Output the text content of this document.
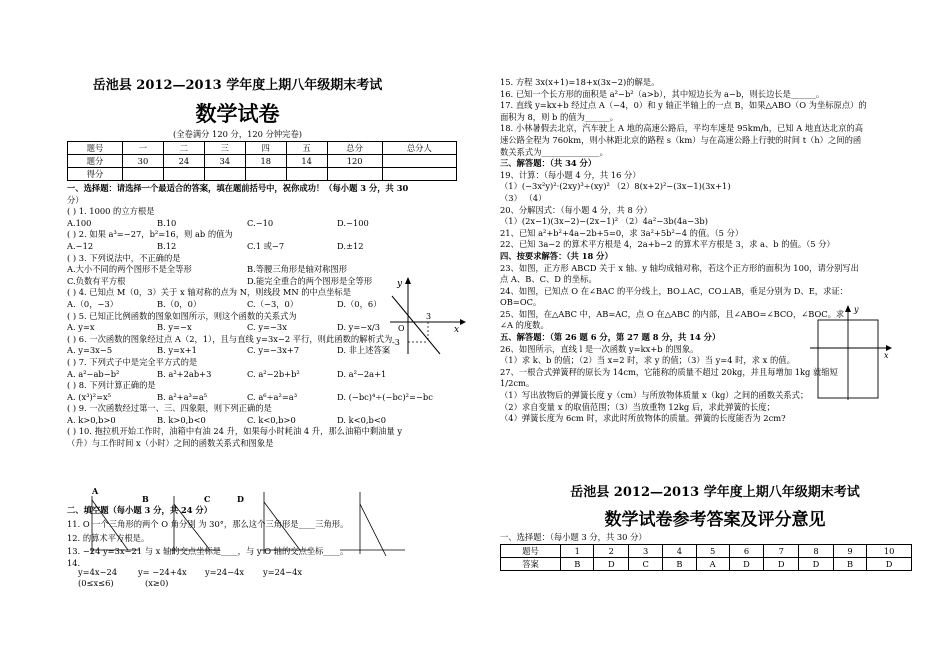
岳池县 2012—2013 学年度上期八年级期末考试
数学试卷
(全卷满分 120 分，120 分钟完卷)
题号	一	二	三	四	五	总分	总分人
题分	30	24	34	18	14	120	
得分							
一、选择题：请选择一个最适合的答案，填在题前括号中，祝你成功！（每小题 3 分，共 30
分）
( ) 1. 1000 的立方根是
A.100	B.10	C.−10	D.−100
( ) 2. 如果 a³=−27，b²=16，则 ab 的值为
A.−12	B.12	C.1 或−7	D.±12
( ) 3. 下列说法中，不正确的是
A.大小不同的两个图形不是全等形	B.等腰三角形是轴对称图形
C.负数有平方根	D.能完全重合的两个图形是全等形
( ) 4. 已知点 M（0，3）关于 x 轴对称的点为 N，则线段 MN 的中点坐标是
A.（0，−3）	B.（0，0）	C.（−3，0）	D.（0，6）
( ) 5. 已知正比例函数的图象如图所示，则这个函数的关系式为
A. y=x	B. y=−x	C. y=−3x	D. y=−x/3
( ) 6. 一次函数的图象经过点 A（2，1），且与直线 y=3x−2 平行，则此函数的解析式为
A. y=3x−5	B. y=x+1	C. y=−3x+7	D. 非上述答案
( ) 7. 下列式子中是完全平方式的是
A. a²−ab−b²	B. a²+2ab+3	C. a²−2b+b²	D. a²−2a+1
( ) 8. 下列计算正确的是
A. (x³)²=x⁵	B. a²+a³=a⁵	C. a⁶÷a²=a³	D. (−bc)⁴÷(−bc)²=−bc
( ) 9. 一次函数经过第一、三、四象限，则下列正确的是
A. k>0,b>0	B. k>0,b<0	C. k<0,b>0	D. k<0,b<0
( ) 10. 拖拉机开始工作时，油箱中有油 24 升，如果每小时耗油 4 升，那么油箱中剩油量 y
（升）与工作时间 x（小时）之间的函数关系式和图象是
x
y
O
3
-3
A
B	C	D
二、填空题（每小题 3 分，共 24 分）
11. O 一个三角形的两个 O 角分别 为 30°，那么这个三角形是____三角形。
12. 的算术平方根是。
13. −24 y=3x−21 与 x 轴的交点坐标是____，与 y O 轴的交点坐标____。
14.
y=4x−24	y= −24+4x y=24−4x y=24−4x
(0≤x≤6)	(x≥0)
15. 方程 3x(x+1)=18+x(3x−2)的解是。
16. 已知一个长方形的面积是 a²−b²（a>b），其中短边长为 a−b，则长边长是______。
17. 直线 y=kx+b 经过点 A（−4，0）和 y 轴正半轴上的一点 B，如果△ABO（O 为坐标原点）的
面积为 8，则 b 的值为______。
18. 小林暑假去北京，汽车驶上 A 地的高速公路后，平均车速是 95km/h，已知 A 地直达北京的高
速公路全程为 760km，则小林距北京的路程 s（km）与在高速公路上行驶的时间 t（h）之间的函
数关系式为______________。
三、解答题：（共 34 分）
19、计算：（每小题 4 分，共 16 分）
（1）(−3x²y)²·(2xy)³÷(xy)² （2）8(x+2)²−(3x−1)(3x+1)
（3） （4）
20、分解因式：（每小题 4 分，共 8 分）
（1）(2x−1)(3x−2)−(2x−1)² （2）4a²−3b(4a−3b)
21、已知 a²+b²+4a−2b+5=0，求 3a²+5b²−4 的值。（5 分）
22、已知 3a−2 的算术平方根是 4，2a+b−2 的算术平方根是 3，求 a、b 的值。（5 分）
四、按要求解答：（共 18 分）
23、如图，正方形 ABCD 关于 x 轴、y 轴均成轴对称，若这个正方形的面积为 100，请分别写出
点 A、B、C、D 的坐标。
24、如图，已知点 O 在∠BAC 的平分线上，BO⊥AC，CO⊥AB，垂足分别为 D、E，求证：
OB=OC。
25、如图，在△ABC 中，AB=AC，点 O 在△ABC 的内部，且∠ABO=∠BCO，∠BOC。求
∠A 的度数。
五、解答题：（第 26 题 6 分，第 27 题 8 分，共 14 分）
26、如图所示，直线 l 是一次函数 y=kx+b 的图象。
（1）求 k、b 的值；（2）当 x=2 时，求 y 的值；（3）当 y=4 时，求 x 的值。
27、一根合式弹簧秤的原长为 14cm，它能称的质量不超过 20kg，并且每增加 1kg 就缩短
1/2cm。
（1）写出放物后的弹簧长度 y（cm）与所放物体质量 x（kg）之间的函数关系式；
（2）求自变量 x 的取值范围；（3）当放重物 12kg 后，求此弹簧的长度；
（4）弹簧长度为 6cm 时，求此时所放物体的质量。弹簧的长度能否为 2cm?
x
y
岳池县 2012—2013 学年度上期八年级期末考试
数学试卷参考答案及评分意见
一、选择题：（每小题 3 分，共 30 分）
题号	1	2	3	4	5	6	7	8	9	10
答案	B	D	C	B	A	D	D	D	B	D
